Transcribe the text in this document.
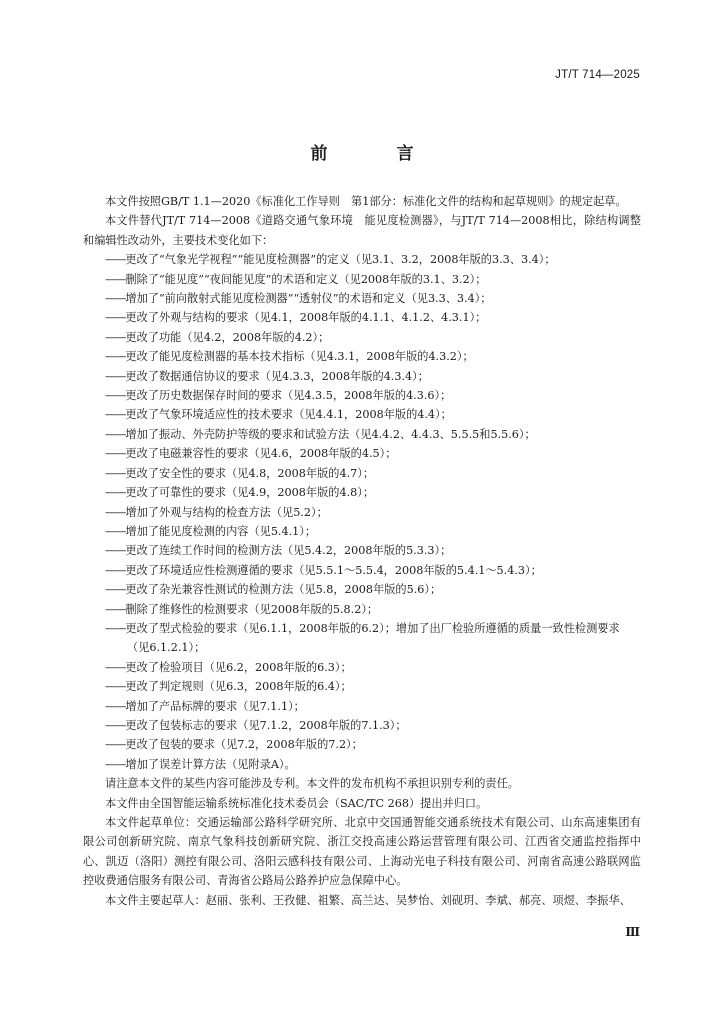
JT/T 714—2025
前　言

本文件按照GB/T 1.1—2020《标准化工作导则　第1部分：标准化文件的结构和起草规则》的规定起草。

本文件替代JT/T 714—2008《道路交通气象环境　能见度检测器》，与JT/T 714—2008相比，除结构调整和编辑性改动外，主要技术变化如下：

——更改了“气象光学视程”“能见度检测器”的定义（见3.1、3.2，2008年版的3.3、3.4）；
——删除了“能见度”“夜间能见度”的术语和定义（见2008年版的3.1、3.2）；
——增加了“前向散射式能见度检测器”“透射仪”的术语和定义（见3.3、3.4）；
——更改了外观与结构的要求（见4.1，2008年版的4.1.1、4.1.2、4.3.1）；
——更改了功能（见4.2，2008年版的4.2）；
——更改了能见度检测器的基本技术指标（见4.3.1，2008年版的4.3.2）；
——更改了数据通信协议的要求（见4.3.3，2008年版的4.3.4）；
——更改了历史数据保存时间的要求（见4.3.5，2008年版的4.3.6）；
——更改了气象环境适应性的技术要求（见4.4.1，2008年版的4.4）；
——增加了振动、外壳防护等级的要求和试验方法（见4.4.2、4.4.3、5.5.5和5.5.6）；
——更改了电磁兼容性的要求（见4.6，2008年版的4.5）；
——更改了安全性的要求（见4.8，2008年版的4.7）；
——更改了可靠性的要求（见4.9，2008年版的4.8）；
——增加了外观与结构的检查方法（见5.2）；
——增加了能见度检测的内容（见5.4.1）；
——更改了连续工作时间的检测方法（见5.4.2，2008年版的5.3.3）；
——更改了环境适应性检测遵循的要求（见5.5.1～5.5.4，2008年版的5.4.1～5.4.3）；
——更改了杂光兼容性测试的检测方法（见5.8，2008年版的5.6）；
——删除了维修性的检测要求（见2008年版的5.8.2）；
——更改了型式检验的要求（见6.1.1，2008年版的6.2）；增加了出厂检验所遵循的质量一致性检测要求（见6.1.2.1）；
——更改了检验项目（见6.2，2008年版的6.3）；
——更改了判定规则（见6.3，2008年版的6.4）；
——增加了产品标牌的要求（见7.1.1）；
——更改了包装标志的要求（见7.1.2，2008年版的7.1.3）；
——更改了包装的要求（见7.2，2008年版的7.2）；
——增加了误差计算方法（见附录A）。

请注意本文件的某些内容可能涉及专利。本文件的发布机构不承担识别专利的责任。

本文件由全国智能运输系统标准化技术委员会（SAC/TC 268）提出并归口。

本文件起草单位：交通运输部公路科学研究所、北京中交国通智能交通系统技术有限公司、山东高速集团有限公司创新研究院、南京气象科技创新研究院、浙江交投高速公路运营管理有限公司、江西省交通监控指挥中心、凯迈（洛阳）测控有限公司、洛阳云感科技有限公司、上海动光电子科技有限公司、河南省高速公路联网监控收费通信服务有限公司、青海省公路局公路养护应急保障中心。

本文件主要起草人：赵丽、张利、王孜健、祖繁、高兰达、吴梦怡、刘砚玥、李斌、郝亮、项煜、李振华、

Ⅲ
